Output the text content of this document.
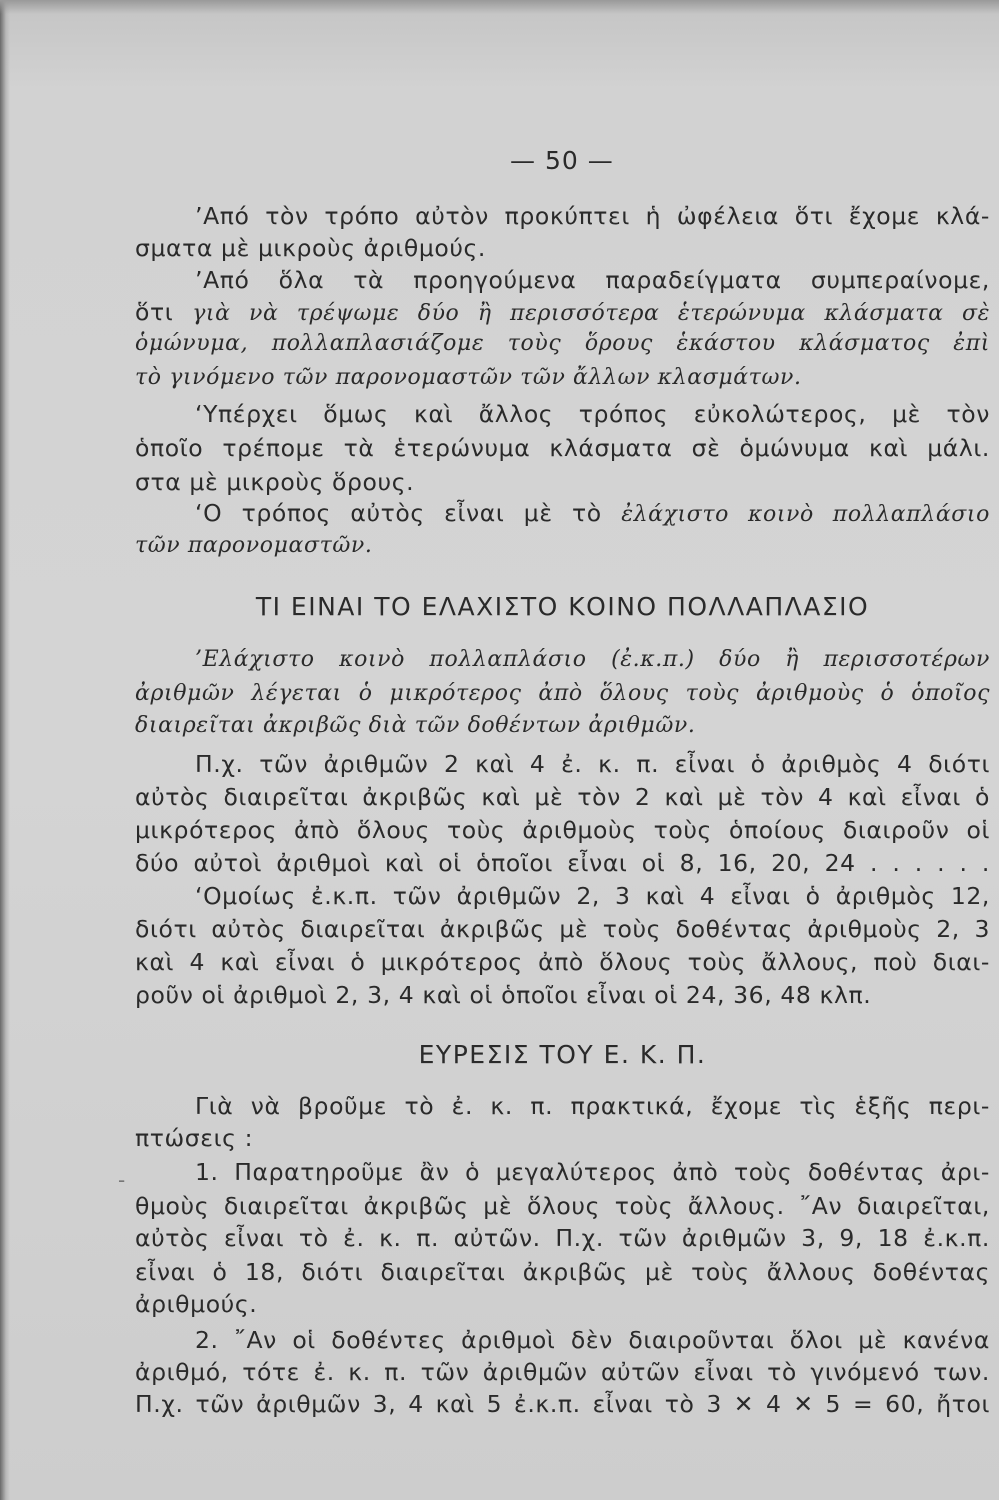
— 50 —
’Από τὸν τρόπο αὐτὸν προκύπτει ἡ ὠφέλεια ὅτι ἔχομε κλά-
σματα μὲ μικροὺς ἀριθμούς.
’Από ὅλα τὰ προηγούμενα παραδείγματα συμπεραίνομε,
ὅτι γιὰ νὰ τρέψωμε δύο ἢ περισσότερα ἑτερώνυμα κλάσματα σὲ
ὁμώνυμα, πολλαπλασιάζομε τοὺς ὅρους ἑκάστου κλάσματος ἐπὶ
τὸ γινόμενο τῶν παρονομαστῶν τῶν ἄλλων κλασμάτων.
‘Υπέρχει ὅμως καὶ ἄλλος τρόπος εὐκολώτερος, μὲ τὸν
ὁποῖο τρέπομε τὰ ἑτερώνυμα κλάσματα σὲ ὁμώνυμα καὶ μάλι.
στα μὲ μικροὺς ὅρους.
‘Ο τρόπος αὐτὸς εἶναι μὲ τὸ ἐλάχιστο κοινὸ πολλαπλάσιο
τῶν παρονομαστῶν.
ΤΙ ΕΙΝΑΙ ΤΟ ΕΛΑΧΙΣΤΟ ΚΟΙΝΟ ΠΟΛΛΑΠΛΑΣΙΟ
’Ελάχιστο κοινὸ πολλαπλάσιο (ἐ.κ.π.) δύο ἢ περισσοτέρων
ἀριθμῶν λέγεται ὁ μικρότερος ἀπὸ ὅλους τοὺς ἀριθμοὺς ὁ ὁποῖος
διαιρεῖται ἀκριβῶς διὰ τῶν δοθέντων ἀριθμῶν.
Π.χ. τῶν ἀριθμῶν 2 καὶ 4 ἐ. κ. π. εἶναι ὁ ἀριθμὸς 4 διότι
αὐτὸς διαιρεῖται ἀκριβῶς καὶ μὲ τὸν 2 καὶ μὲ τὸν 4 καὶ εἶναι ὁ
μικρότερος ἀπὸ ὅλους τοὺς ἀριθμοὺς τοὺς ὁποίους διαιροῦν οἱ
δύο αὐτοὶ ἀριθμοὶ καὶ οἱ ὁποῖοι εἶναι οἱ 8, 16, 20, 24 . . . . . .
‘Ομοίως ἐ.κ.π. τῶν ἀριθμῶν 2, 3 καὶ 4 εἶναι ὁ ἀριθμὸς 12,
διότι αὐτὸς διαιρεῖται ἀκριβῶς μὲ τοὺς δοθέντας ἀριθμοὺς 2, 3
καὶ 4 καὶ εἶναι ὁ μικρότερος ἀπὸ ὅλους τοὺς ἄλλους, ποὺ διαι-
ροῦν οἱ ἀριθμοὶ 2, 3, 4 καὶ οἱ ὁποῖοι εἶναι οἱ 24, 36, 48 κλπ.
ΕΥΡΕΣΙΣ ΤΟΥ Ε. Κ. Π.
Γιὰ νὰ βροῦμε τὸ ἐ. κ. π. πρακτικά, ἔχομε τὶς ἑξῆς περι-
πτώσεις :
1. Παρατηροῦμε ἂν ὁ μεγαλύτερος ἀπὸ τοὺς δοθέντας ἀρι-
θμοὺς διαιρεῖται ἀκριβῶς μὲ ὅλους τοὺς ἄλλους. ῎Αν διαιρεῖται,
αὐτὸς εἶναι τὸ ἐ. κ. π. αὐτῶν. Π.χ. τῶν ἀριθμῶν 3, 9, 18 ἐ.κ.π.
εἶναι ὁ 18, διότι διαιρεῖται ἀκριβῶς μὲ τοὺς ἄλλους δοθέντας
ἀριθμούς.
2. ῎Αν οἱ δοθέντες ἀριθμοὶ δὲν διαιροῦνται ὅλοι μὲ κανένα
ἀριθμό, τότε ἐ. κ. π. τῶν ἀριθμῶν αὐτῶν εἶναι τὸ γινόμενό των.
Π.χ. τῶν ἀριθμῶν 3, 4 καὶ 5 ἐ.κ.π. εἶναι τὸ 3 ✕ 4 ✕ 5 = 60, ἤτοι
-
